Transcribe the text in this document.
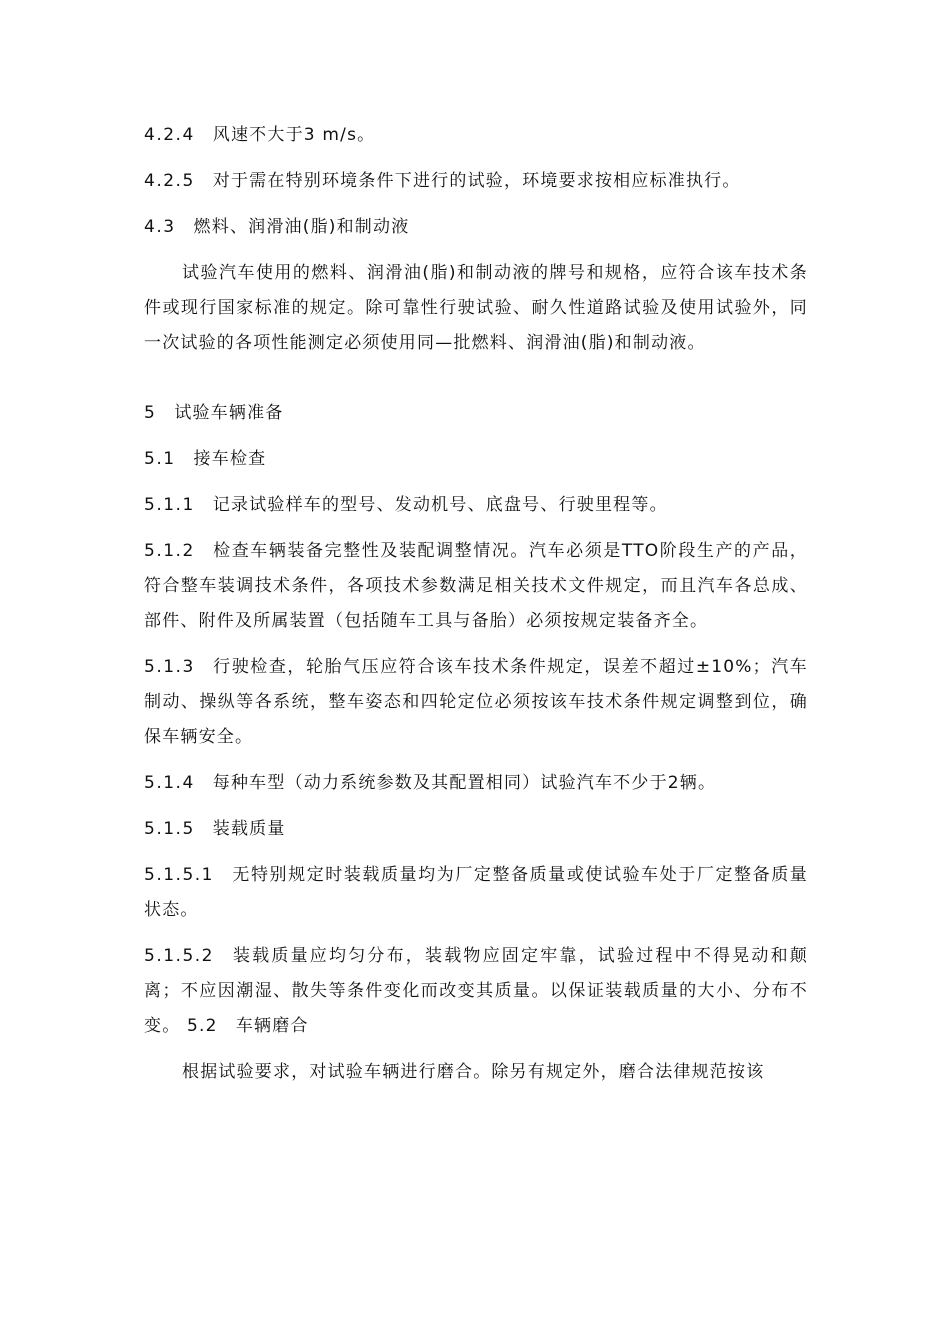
4.2.4 风速不大于3 m/s。

4.2.5 对于需在特别环境条件下进行的试验，环境要求按相应标准执行。

4.3 燃料、润滑油(脂)和制动液

试验汽车使用的燃料、润滑油(脂)和制动液的牌号和规格，应符合该车技术条件或现行国家标准的规定。除可靠性行驶试验、耐久性道路试验及使用试验外，同一次试验的各项性能测定必须使用同—批燃料、润滑油(脂)和制动液。

5 试验车辆准备

5.1 接车检查

5.1.1 记录试验样车的型号、发动机号、底盘号、行驶里程等。

5.1.2 检查车辆装备完整性及装配调整情况。汽车必须是TTO阶段生产的产品，符合整车装调技术条件，各项技术参数满足相关技术文件规定，而且汽车各总成、部件、附件及所属装置（包括随车工具与备胎）必须按规定装备齐全。

5.1.3 行驶检查，轮胎气压应符合该车技术条件规定，误差不超过±10%；汽车制动、操纵等各系统，整车姿态和四轮定位必须按该车技术条件规定调整到位，确保车辆安全。

5.1.4 每种车型（动力系统参数及其配置相同）试验汽车不少于2辆。

5.1.5 装载质量

5.1.5.1 无特别规定时装载质量均为厂定整备质量或使试验车处于厂定整备质量状态。

5.1.5.2 装载质量应均匀分布，装载物应固定牢靠，试验过程中不得晃动和颠离；不应因潮湿、散失等条件变化而改变其质量。以保证装载质量的大小、分布不变。 5.2　车辆磨合

根据试验要求，对试验车辆进行磨合。除另有规定外，磨合法律规范按该
